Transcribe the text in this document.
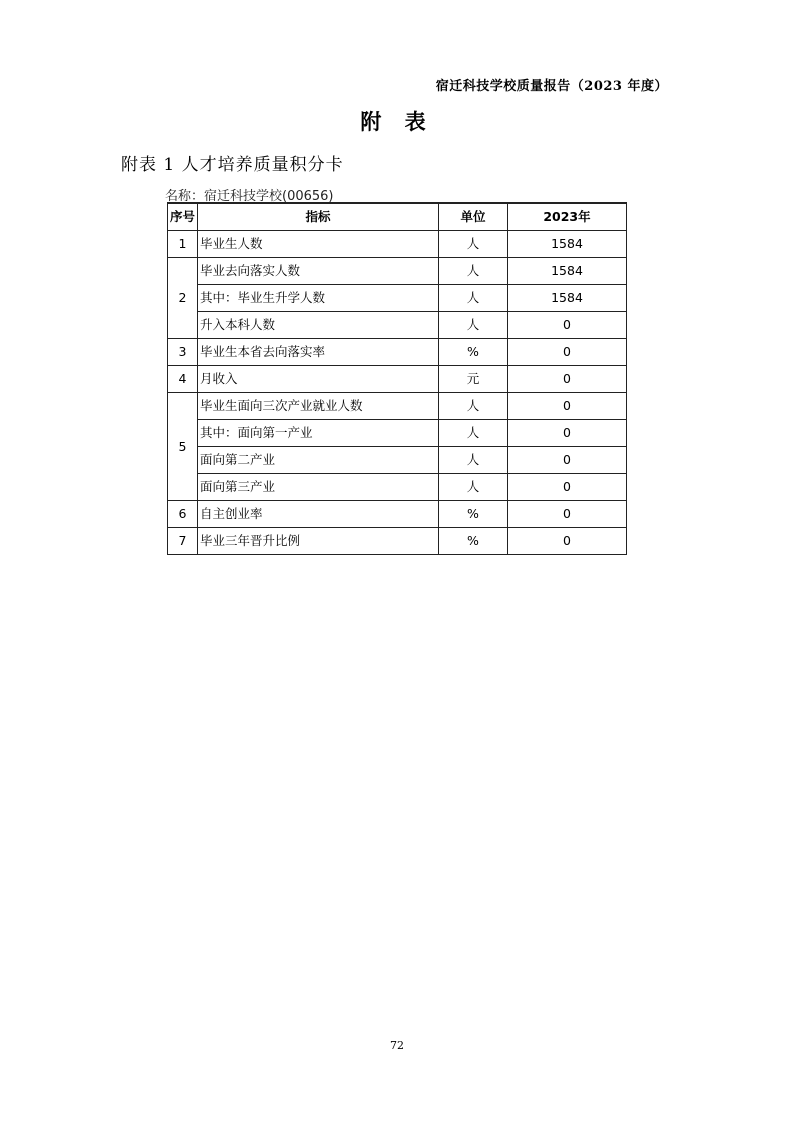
宿迁科技学校质量报告（2023 年度）
附 表
附表 1 人才培养质量积分卡
名称：宿迁科技学校(00656)
序号	指标	单位	2023年
1	毕业生人数	人	1584
2	毕业去向落实人数	人	1584
	其中：毕业生升学人数	人	1584
	升入本科人数	人	0
3	毕业生本省去向落实率	%	0
4	月收入	元	0
5	毕业生面向三次产业就业人数	人	0
	其中：面向第一产业	人	0
	面向第二产业	人	0
	面向第三产业	人	0
6	自主创业率	%	0
7	毕业三年晋升比例	%	0
72
